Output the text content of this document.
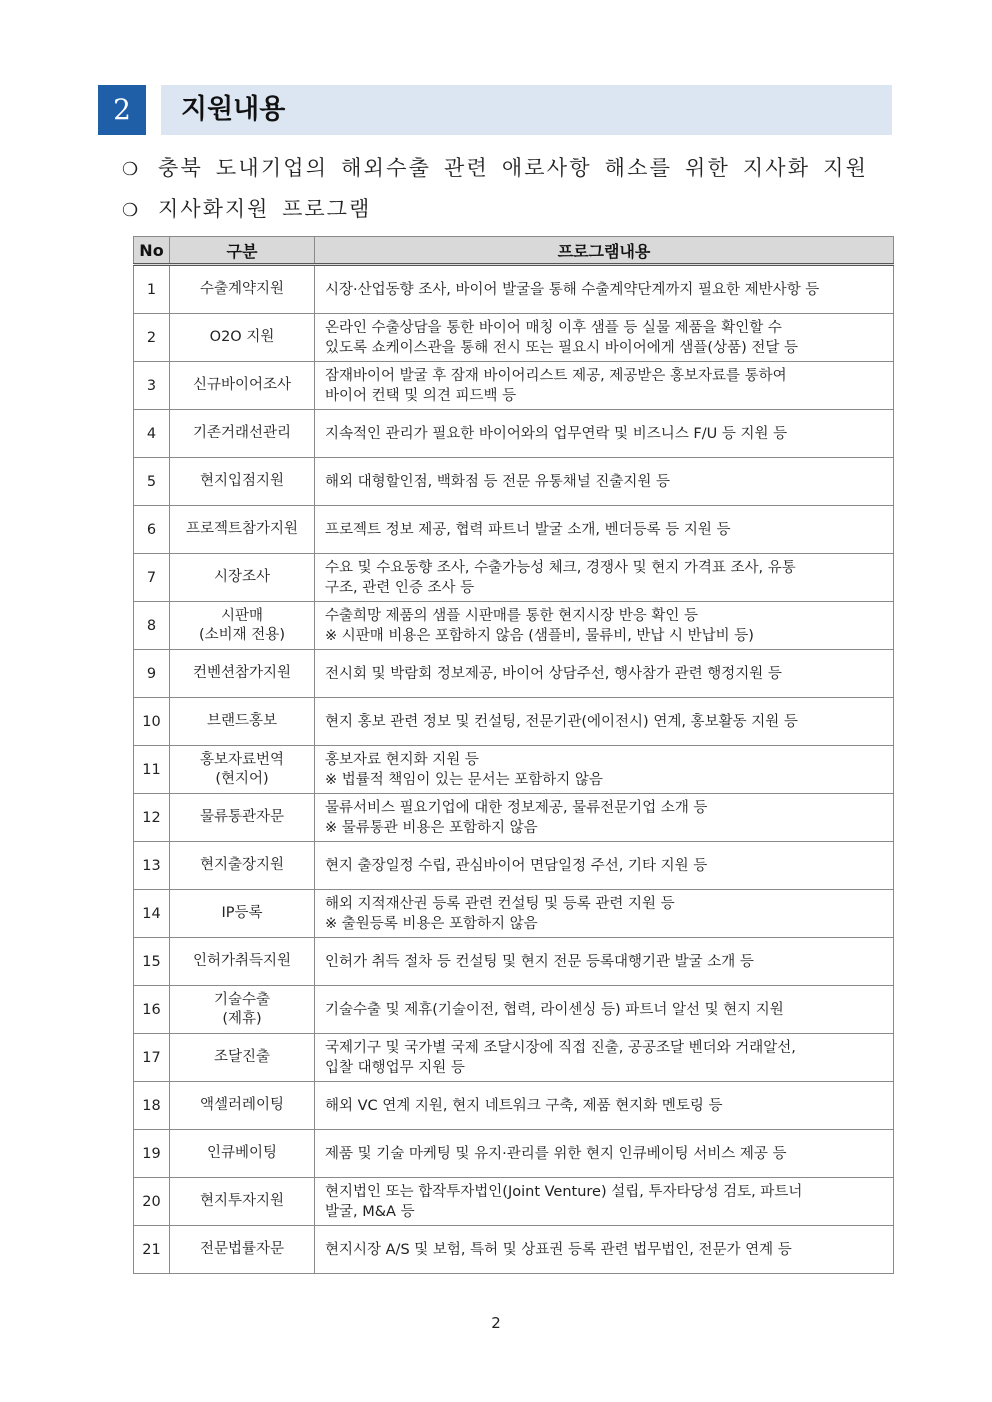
2	지원내용
❍ 충북 도내기업의 해외수출 관련 애로사항 해소를 위한 지사화 지원
❍ 지사화지원 프로그램
No	구분	프로그램내용
1	수출계약지원	시장·산업동향 조사, 바이어 발굴을 통해 수출계약단계까지 필요한 제반사항 등

2	O2O 지원	온라인 수출상담을 통한 바이어 매칭 이후 샘플 등 실물 제품을 확인할 수
있도록 쇼케이스관을 통해 전시 또는 필요시 바이어에게 샘플(상품) 전달 등

3	신규바이어조사	잠재바이어 발굴 후 잠재 바이어리스트 제공, 제공받은 홍보자료를 통하여
바이어 컨택 및 의견 피드백 등

4	기존거래선관리	지속적인 관리가 필요한 바이어와의 업무연락 및 비즈니스 F/U 등 지원 등

5	현지입점지원	해외 대형할인점, 백화점 등 전문 유통채널 진출지원 등

6	프로젝트참가지원	프로젝트 정보 제공, 협력 파트너 발굴 소개, 벤더등록 등 지원 등

7	시장조사	수요 및 수요동향 조사, 수출가능성 체크, 경쟁사 및 현지 가격표 조사, 유통
구조, 관련 인증 조사 등

8	시판매
(소비재 전용)	수출희망 제품의 샘플 시판매를 통한 현지시장 반응 확인 등
※ 시판매 비용은 포함하지 않음 (샘플비, 물류비, 반납 시 반납비 등)

9	컨벤션참가지원	전시회 및 박람회 정보제공, 바이어 상담주선, 행사참가 관련 행정지원 등

10	브랜드홍보	현지 홍보 관련 정보 및 컨설팅, 전문기관(에이전시) 연계, 홍보활동 지원 등

11	홍보자료번역
(현지어)	홍보자료 현지화 지원 등
※ 법률적 책임이 있는 문서는 포함하지 않음

12	물류통관자문	물류서비스 필요기업에 대한 정보제공, 물류전문기업 소개 등
※ 물류통관 비용은 포함하지 않음

13	현지출장지원	현지 출장일정 수립, 관심바이어 면담일정 주선, 기타 지원 등

14	IP등록	해외 지적재산권 등록 관련 컨설팅 및 등록 관련 지원 등
※ 출원등록 비용은 포함하지 않음

15	인허가취득지원	인허가 취득 절차 등 컨설팅 및 현지 전문 등록대행기관 발굴 소개 등

16	기술수출
(제휴)	기술수출 및 제휴(기술이전, 협력, 라이센싱 등) 파트너 알선 및 현지 지원

17	조달진출	국제기구 및 국가별 국제 조달시장에 직접 진출, 공공조달 벤더와 거래알선,
입찰 대행업무 지원 등

18	액셀러레이팅	해외 VC 연계 지원, 현지 네트워크 구축, 제품 현지화 멘토링 등

19	인큐베이팅	제품 및 기술 마케팅 및 유지·관리를 위한 현지 인큐베이팅 서비스 제공 등

20	현지투자지원	현지법인 또는 합작투자법인(Joint Venture) 설립, 투자타당성 검토, 파트너
발굴, M&A 등

21	전문법률자문	현지시장 A/S 및 보험, 특허 및 상표권 등록 관련 법무법인, 전문가 연계 등
2
